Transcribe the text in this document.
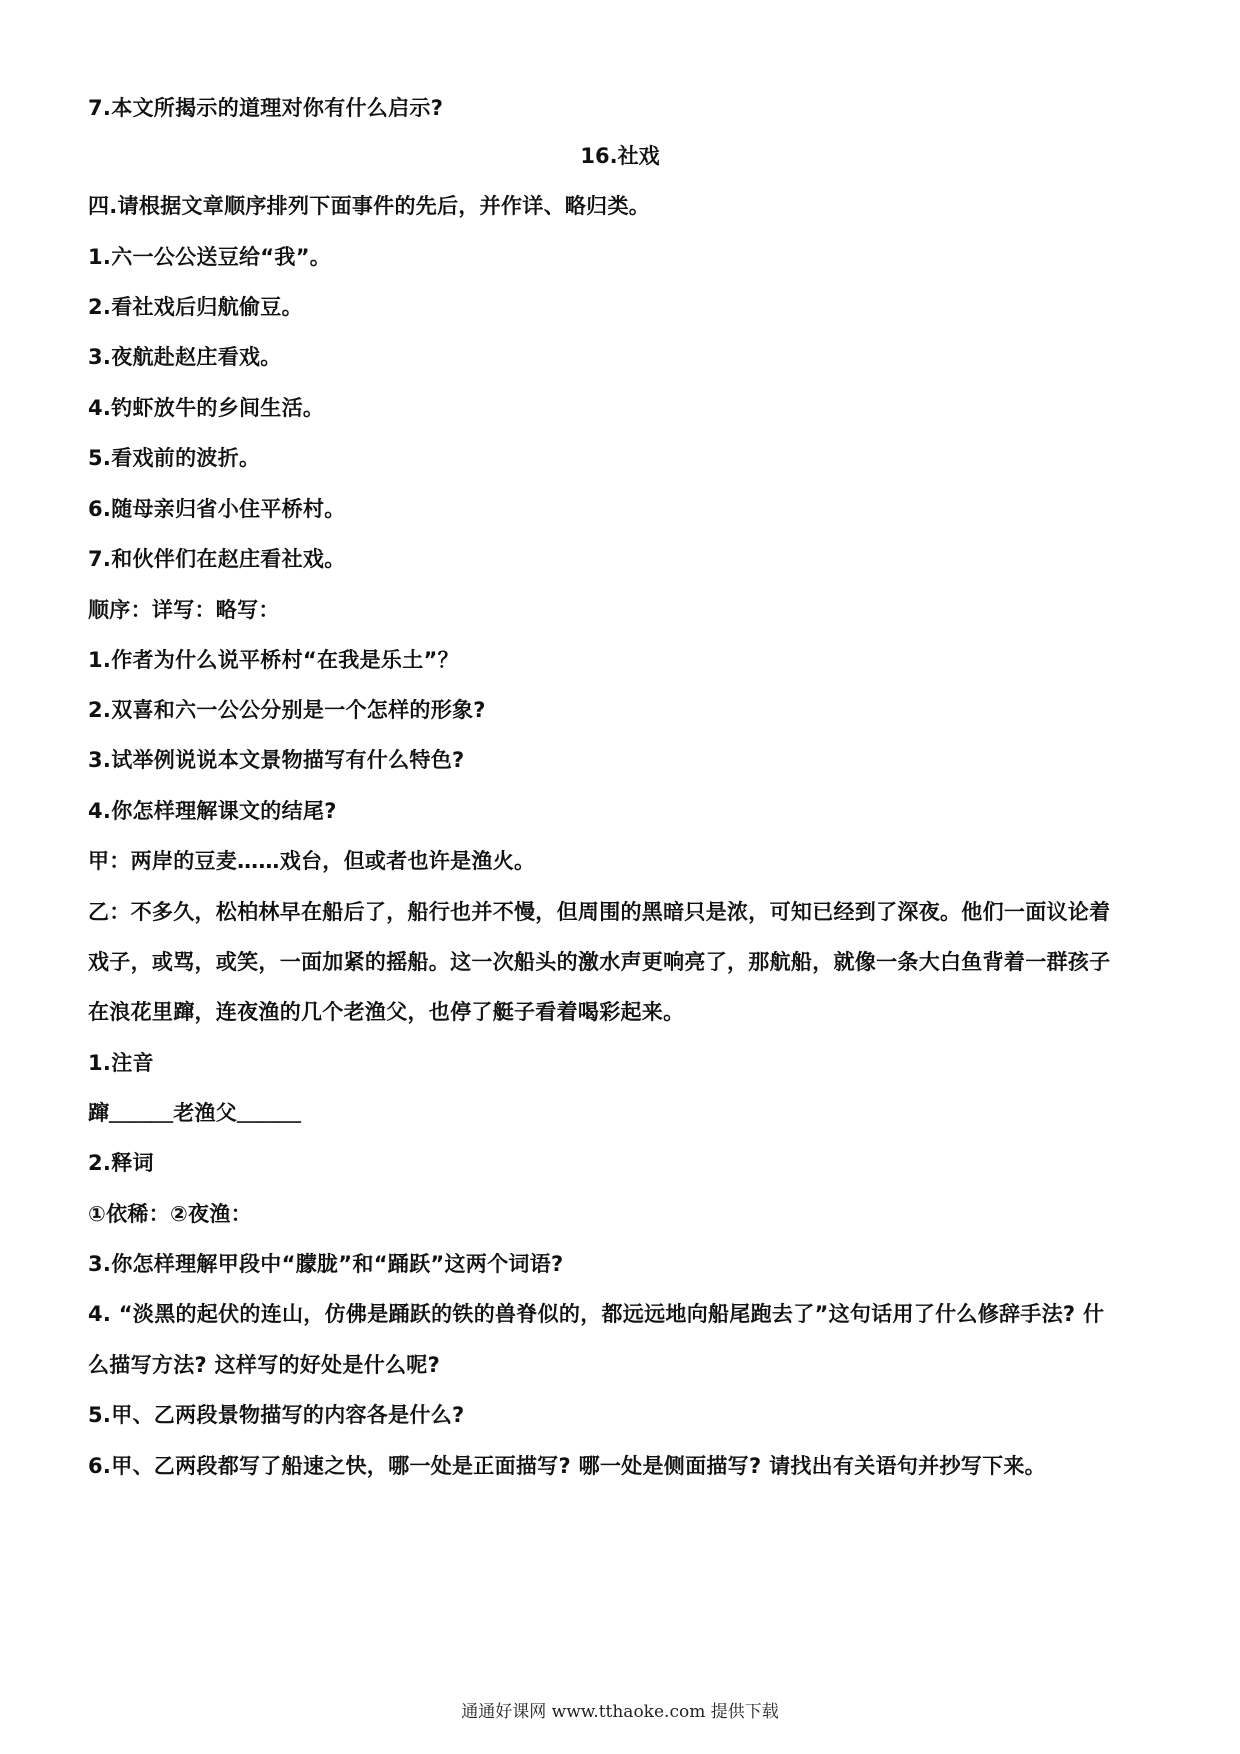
7.本文所揭示的道理对你有什么启示?

16.社戏

四.请根据文章顺序排列下面事件的先后，并作详、略归类。

1.六一公公送豆给“我”。

2.看社戏后归航偷豆。

3.夜航赴赵庄看戏。

4.钓虾放牛的乡间生活。

5.看戏前的波折。

6.随母亲归省小住平桥村。

7.和伙伴们在赵庄看社戏。

顺序：详写：略写：

1.作者为什么说平桥村“在我是乐土”？

2.双喜和六一公公分别是一个怎样的形象?

3.试举例说说本文景物描写有什么特色?

4.你怎样理解课文的结尾?

甲：两岸的豆麦……戏台，但或者也许是渔火。

乙：不多久，松柏林早在船后了，船行也并不慢，但周围的黑暗只是浓，可知已经到了深夜。他们一面议论着

戏子，或骂，或笑，一面加紧的摇船。这一次船头的激水声更响亮了，那航船，就像一条大白鱼背着一群孩子

在浪花里蹿，连夜渔的几个老渔父，也停了艇子看着喝彩起来。

1.注音

蹿＿＿＿老渔父＿＿＿

2.释词

①依稀：②夜渔：

3.你怎样理解甲段中“朦胧”和“踊跃”这两个词语?

4. “淡黑的起伏的连山，仿佛是踊跃的铁的兽脊似的，都远远地向船尾跑去了”这句话用了什么修辞手法? 什

么描写方法? 这样写的好处是什么呢?

5.甲、乙两段景物描写的内容各是什么?

6.甲、乙两段都写了船速之快，哪一处是正面描写? 哪一处是侧面描写? 请找出有关语句并抄写下来。

通通好课网 www.tthaoke.com 提供下载
